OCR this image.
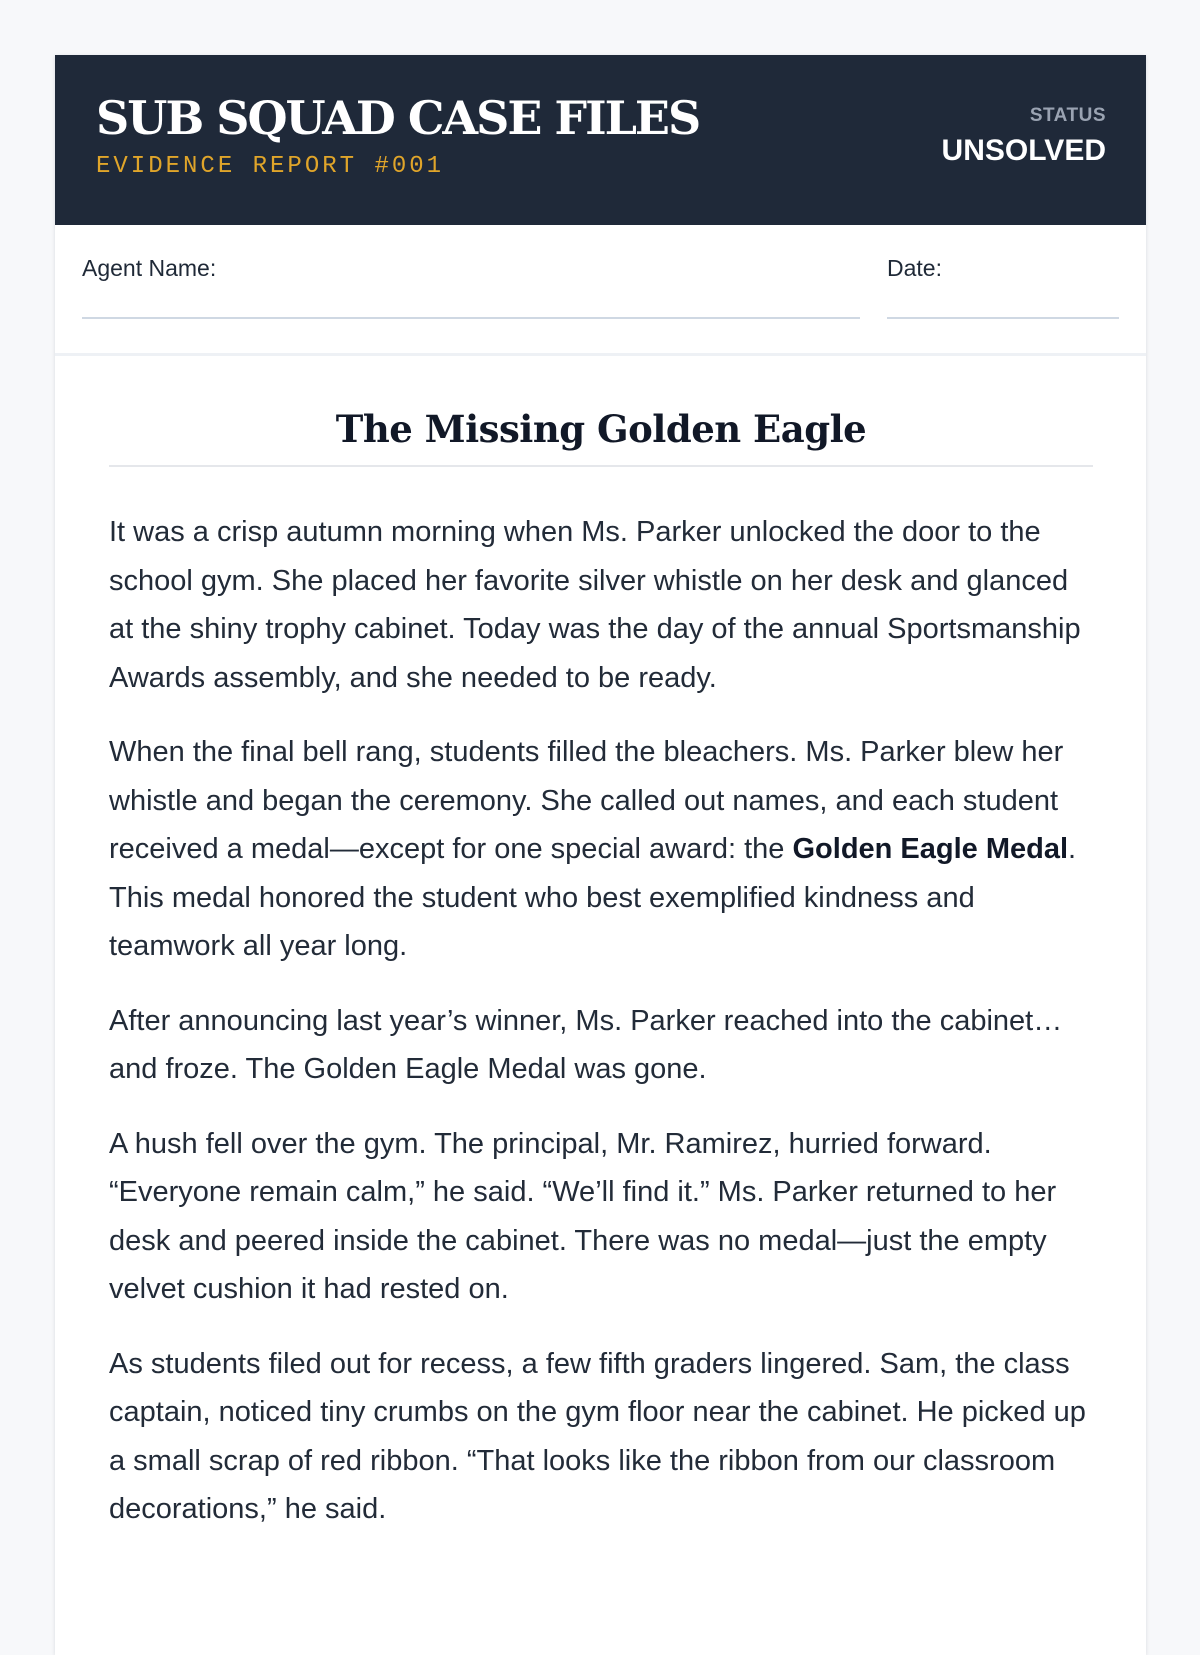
SUB SQUAD CASE FILES
EVIDENCE REPORT #001
STATUS
UNSOLVED
Agent Name:	Date:
The Missing Golden Eagle

It was a crisp autumn morning when Ms. Parker unlocked the door to the school gym. She placed her favorite silver whistle on her desk and glanced at the shiny trophy cabinet. Today was the day of the annual Sportsmanship Awards assembly, and she needed to be ready.

When the final bell rang, students filled the bleachers. Ms. Parker blew her whistle and began the ceremony. She called out names, and each student received a medal—except for one special award: the Golden Eagle Medal. This medal honored the student who best exemplified kindness and teamwork all year long.

After announcing last year’s winner, Ms. Parker reached into the cabinet… and froze. The Golden Eagle Medal was gone.

A hush fell over the gym. The principal, Mr. Ramirez, hurried forward. “Everyone remain calm,” he said. “We’ll find it.” Ms. Parker returned to her desk and peered inside the cabinet. There was no medal—just the empty velvet cushion it had rested on.

As students filed out for recess, a few fifth graders lingered. Sam, the class captain, noticed tiny crumbs on the gym floor near the cabinet. He picked up a small scrap of red ribbon. “That looks like the ribbon from our classroom decorations,” he said.
